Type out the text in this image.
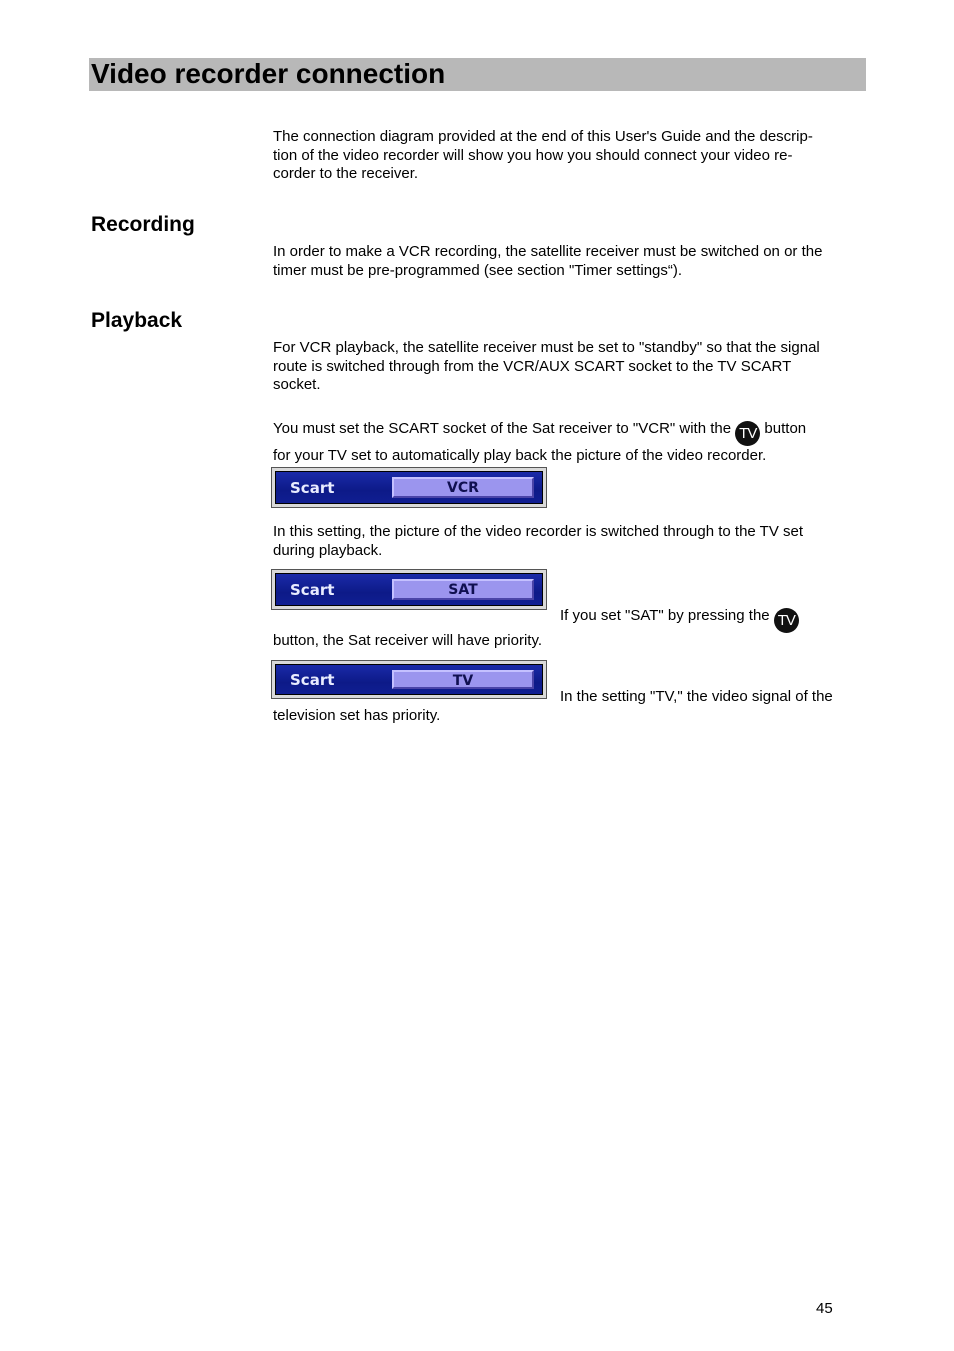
Video recorder connection
The connection diagram provided at the end of this User's Guide and the descrip-
tion of the video recorder will show you how you should connect your video re-
corder to the receiver.
Recording
In order to make a VCR recording, the satellite receiver must be switched on or the
timer must be pre-programmed (see section "Timer settings“).
Playback
For VCR playback, the satellite receiver must be set to "standby" so that the signal
route is switched through from the VCR/AUX SCART socket to the TV SCART
socket.
You must set the SCART socket of the Sat receiver to "VCR" with the TV button
for your TV set to automatically play back the picture of the video recorder.
Scart	VCR
In this setting, the picture of the video recorder is switched through to the TV set
during playback.
Scart	SAT
If you set "SAT" by pressing the TV
button, the Sat receiver will have priority.
Scart	TV
In the setting "TV," the video signal of the
television set has priority.
45
